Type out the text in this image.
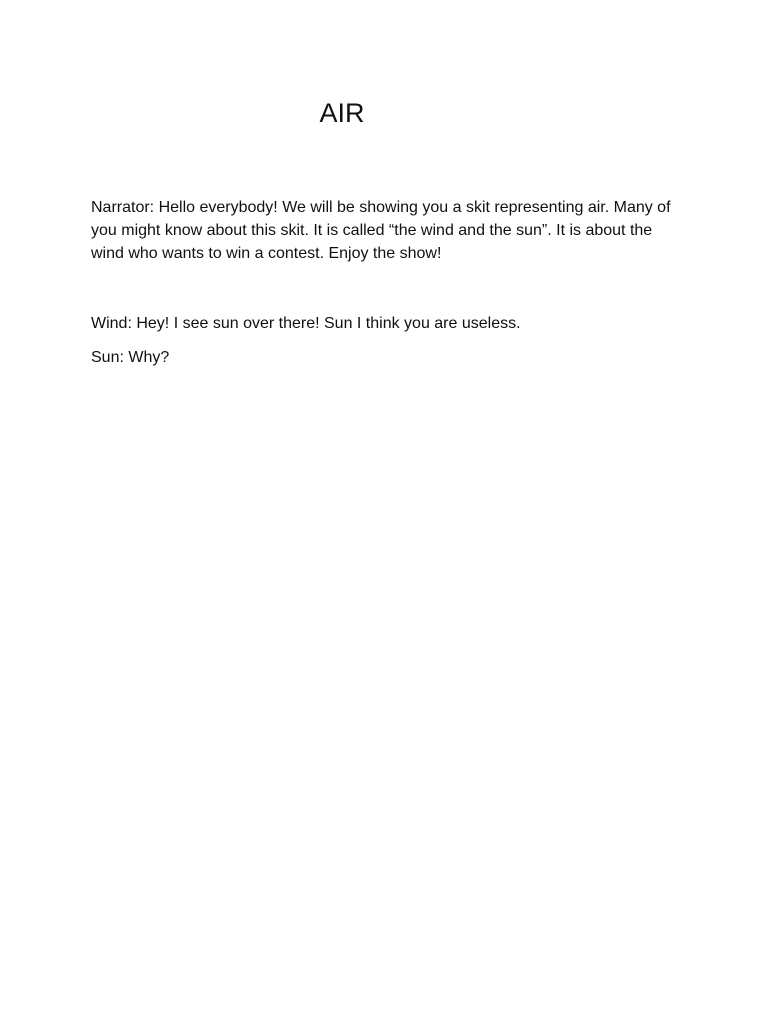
AIR

Narrator: Hello everybody! We will be showing you a skit representing air. Many of you might know about this skit. It is called “the wind and the sun”. It is about the wind who wants to win a contest. Enjoy the show!

Wind: Hey! I see sun over there! Sun I think you are useless.

Sun: Why?
